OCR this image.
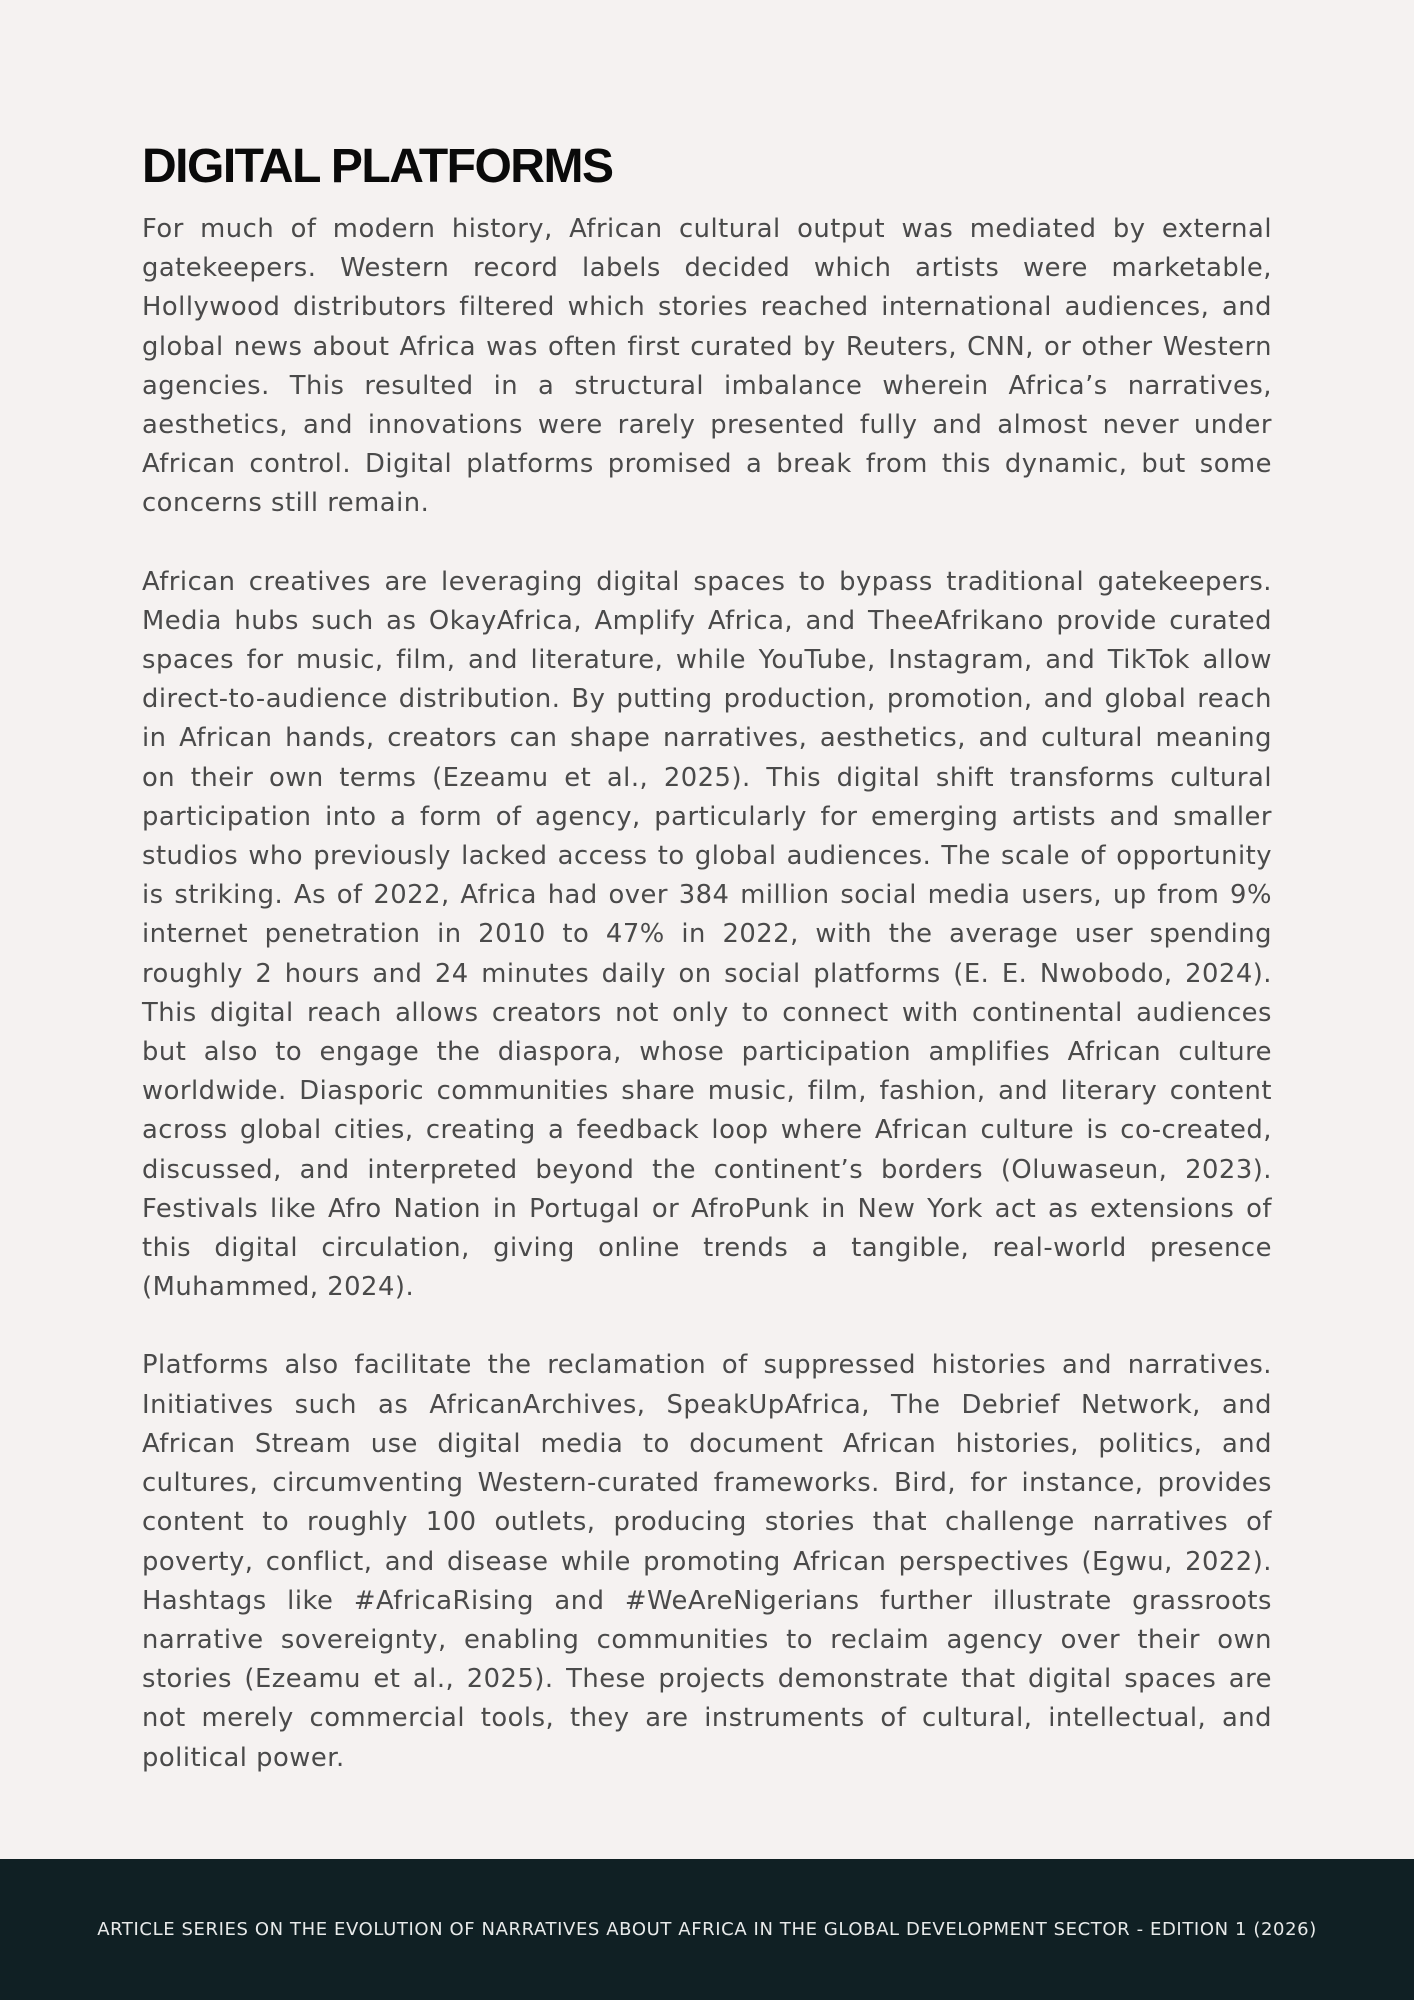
DIGITAL PLATFORMS

For much of modern history, African cultural output was mediated by external gatekeepers. Western record labels decided which artists were marketable, Hollywood distributors filtered which stories reached international audiences, and global news about Africa was often first curated by Reuters, CNN, or other Western agencies. This resulted in a structural imbalance wherein Africa’s narratives, aesthetics, and innovations were rarely presented fully and almost never under African control. Digital platforms promised a break from this dynamic, but some concerns still remain.

African creatives are leveraging digital spaces to bypass traditional gatekeepers. Media hubs such as OkayAfrica, Amplify Africa, and TheeAfrikano provide curated spaces for music, film, and literature, while YouTube, Instagram, and TikTok allow direct-to-audience distribution. By putting production, promotion, and global reach in African hands, creators can shape narratives, aesthetics, and cultural meaning on their own terms (Ezeamu et al., 2025). This digital shift transforms cultural participation into a form of agency, particularly for emerging artists and smaller studios who previously lacked access to global audiences. The scale of opportunity is striking. As of 2022, Africa had over 384 million social media users, up from 9% internet penetration in 2010 to 47% in 2022, with the average user spending roughly 2 hours and 24 minutes daily on social platforms (E. E. Nwobodo, 2024). This digital reach allows creators not only to connect with continental audiences but also to engage the diaspora, whose participation amplifies African culture worldwide. Diasporic communities share music, film, fashion, and literary content across global cities, creating a feedback loop where African culture is co-created, discussed, and interpreted beyond the continent’s borders (Oluwaseun, 2023). Festivals like Afro Nation in Portugal or AfroPunk in New York act as extensions of this digital circulation, giving online trends a tangible, real-world presence (Muhammed, 2024).

Platforms also facilitate the reclamation of suppressed histories and narratives. Initiatives such as AfricanArchives, SpeakUpAfrica, The Debrief Network, and African Stream use digital media to document African histories, politics, and cultures, circumventing Western-curated frameworks. Bird, for instance, provides content to roughly 100 outlets, producing stories that challenge narratives of poverty, conflict, and disease while promoting African perspectives (Egwu, 2022). Hashtags like #AfricaRising and #WeAreNigerians further illustrate grassroots narrative sovereignty, enabling communities to reclaim agency over their own stories (Ezeamu et al., 2025). These projects demonstrate that digital spaces are not merely commercial tools, they are instruments of cultural, intellectual, and political power.

ARTICLE SERIES ON THE EVOLUTION OF NARRATIVES ABOUT AFRICA IN THE GLOBAL DEVELOPMENT SECTOR - EDITION 1 (2026)
